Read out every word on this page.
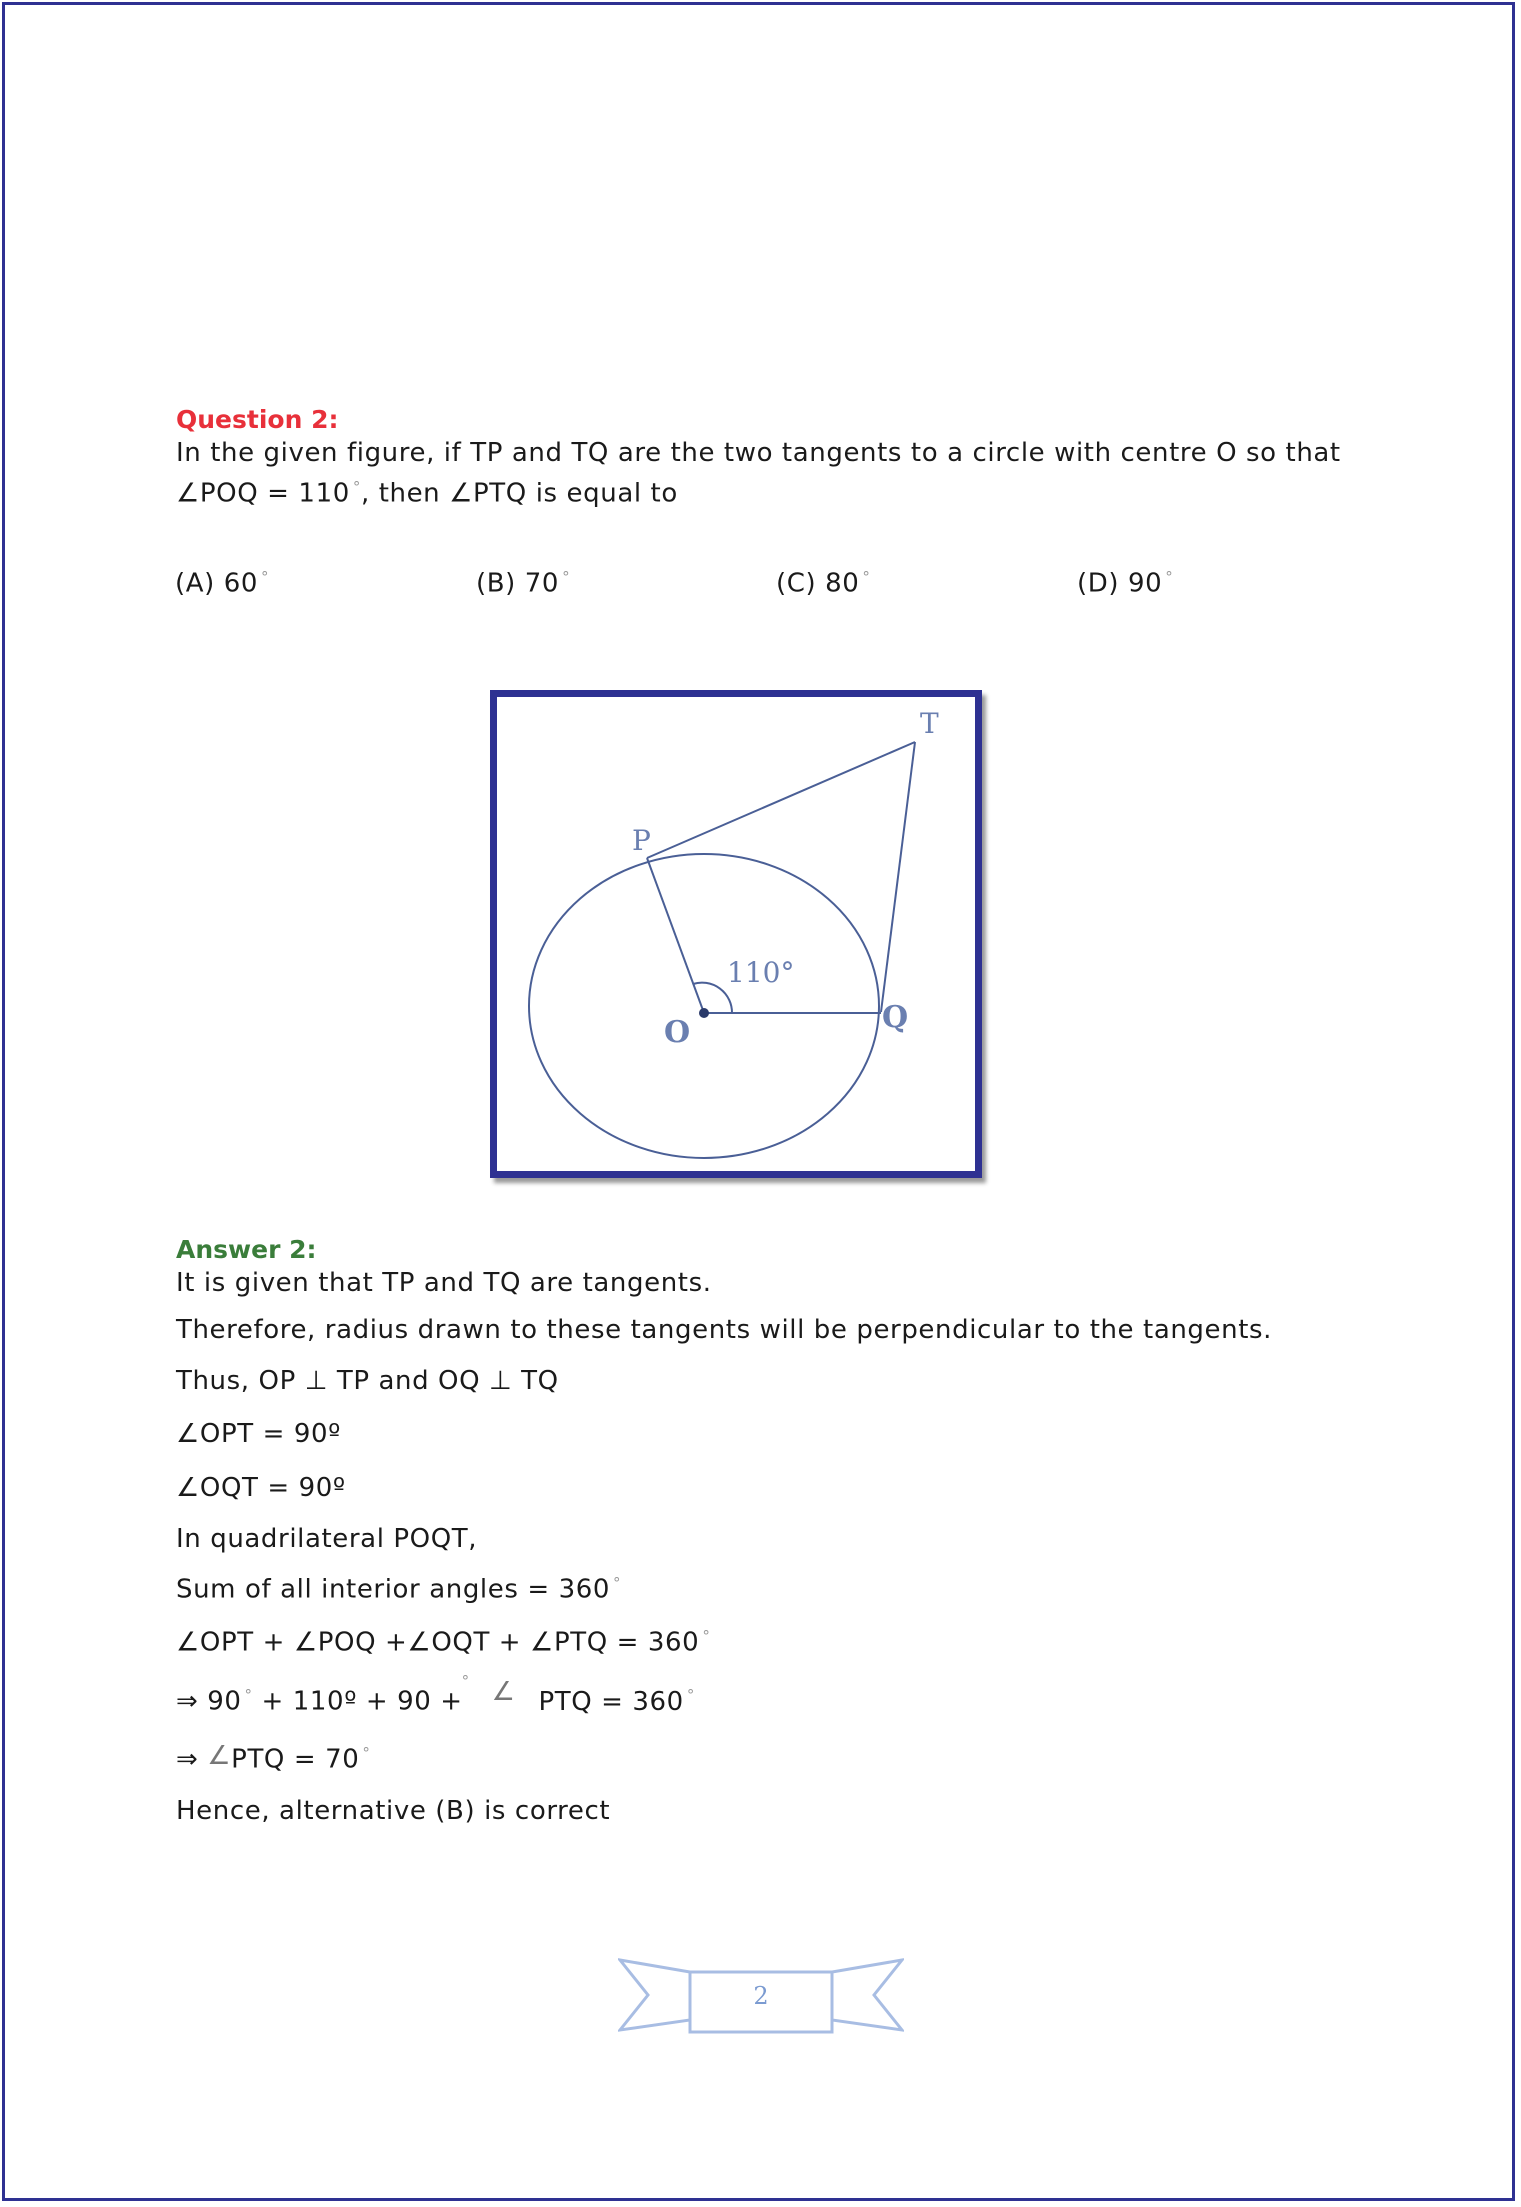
Question 2:
In the given figure, if TP and TQ are the two tangents to a circle with centre O so that
∠POQ = 110 °, then ∠PTQ is equal to
(A) 60 °	(B) 70 °	(C) 80 °	(D) 90 °
T
P
O	Q
110°
Answer 2:
It is given that TP and TQ are tangents.
Therefore, radius drawn to these tangents will be perpendicular to the tangents.
Thus, OP ⊥ TP and OQ ⊥ TQ
∠OPT = 90º
∠OQT = 90º
In quadrilateral POQT,
Sum of all interior angles = 360 °
∠OPT + ∠POQ +∠OQT + ∠PTQ = 360 °
⇒ 90 ° + 110º + 90 + ° ∠ PTQ = 360 °
⇒ ∠PTQ = 70 °
Hence, alternative (B) is correct
2
